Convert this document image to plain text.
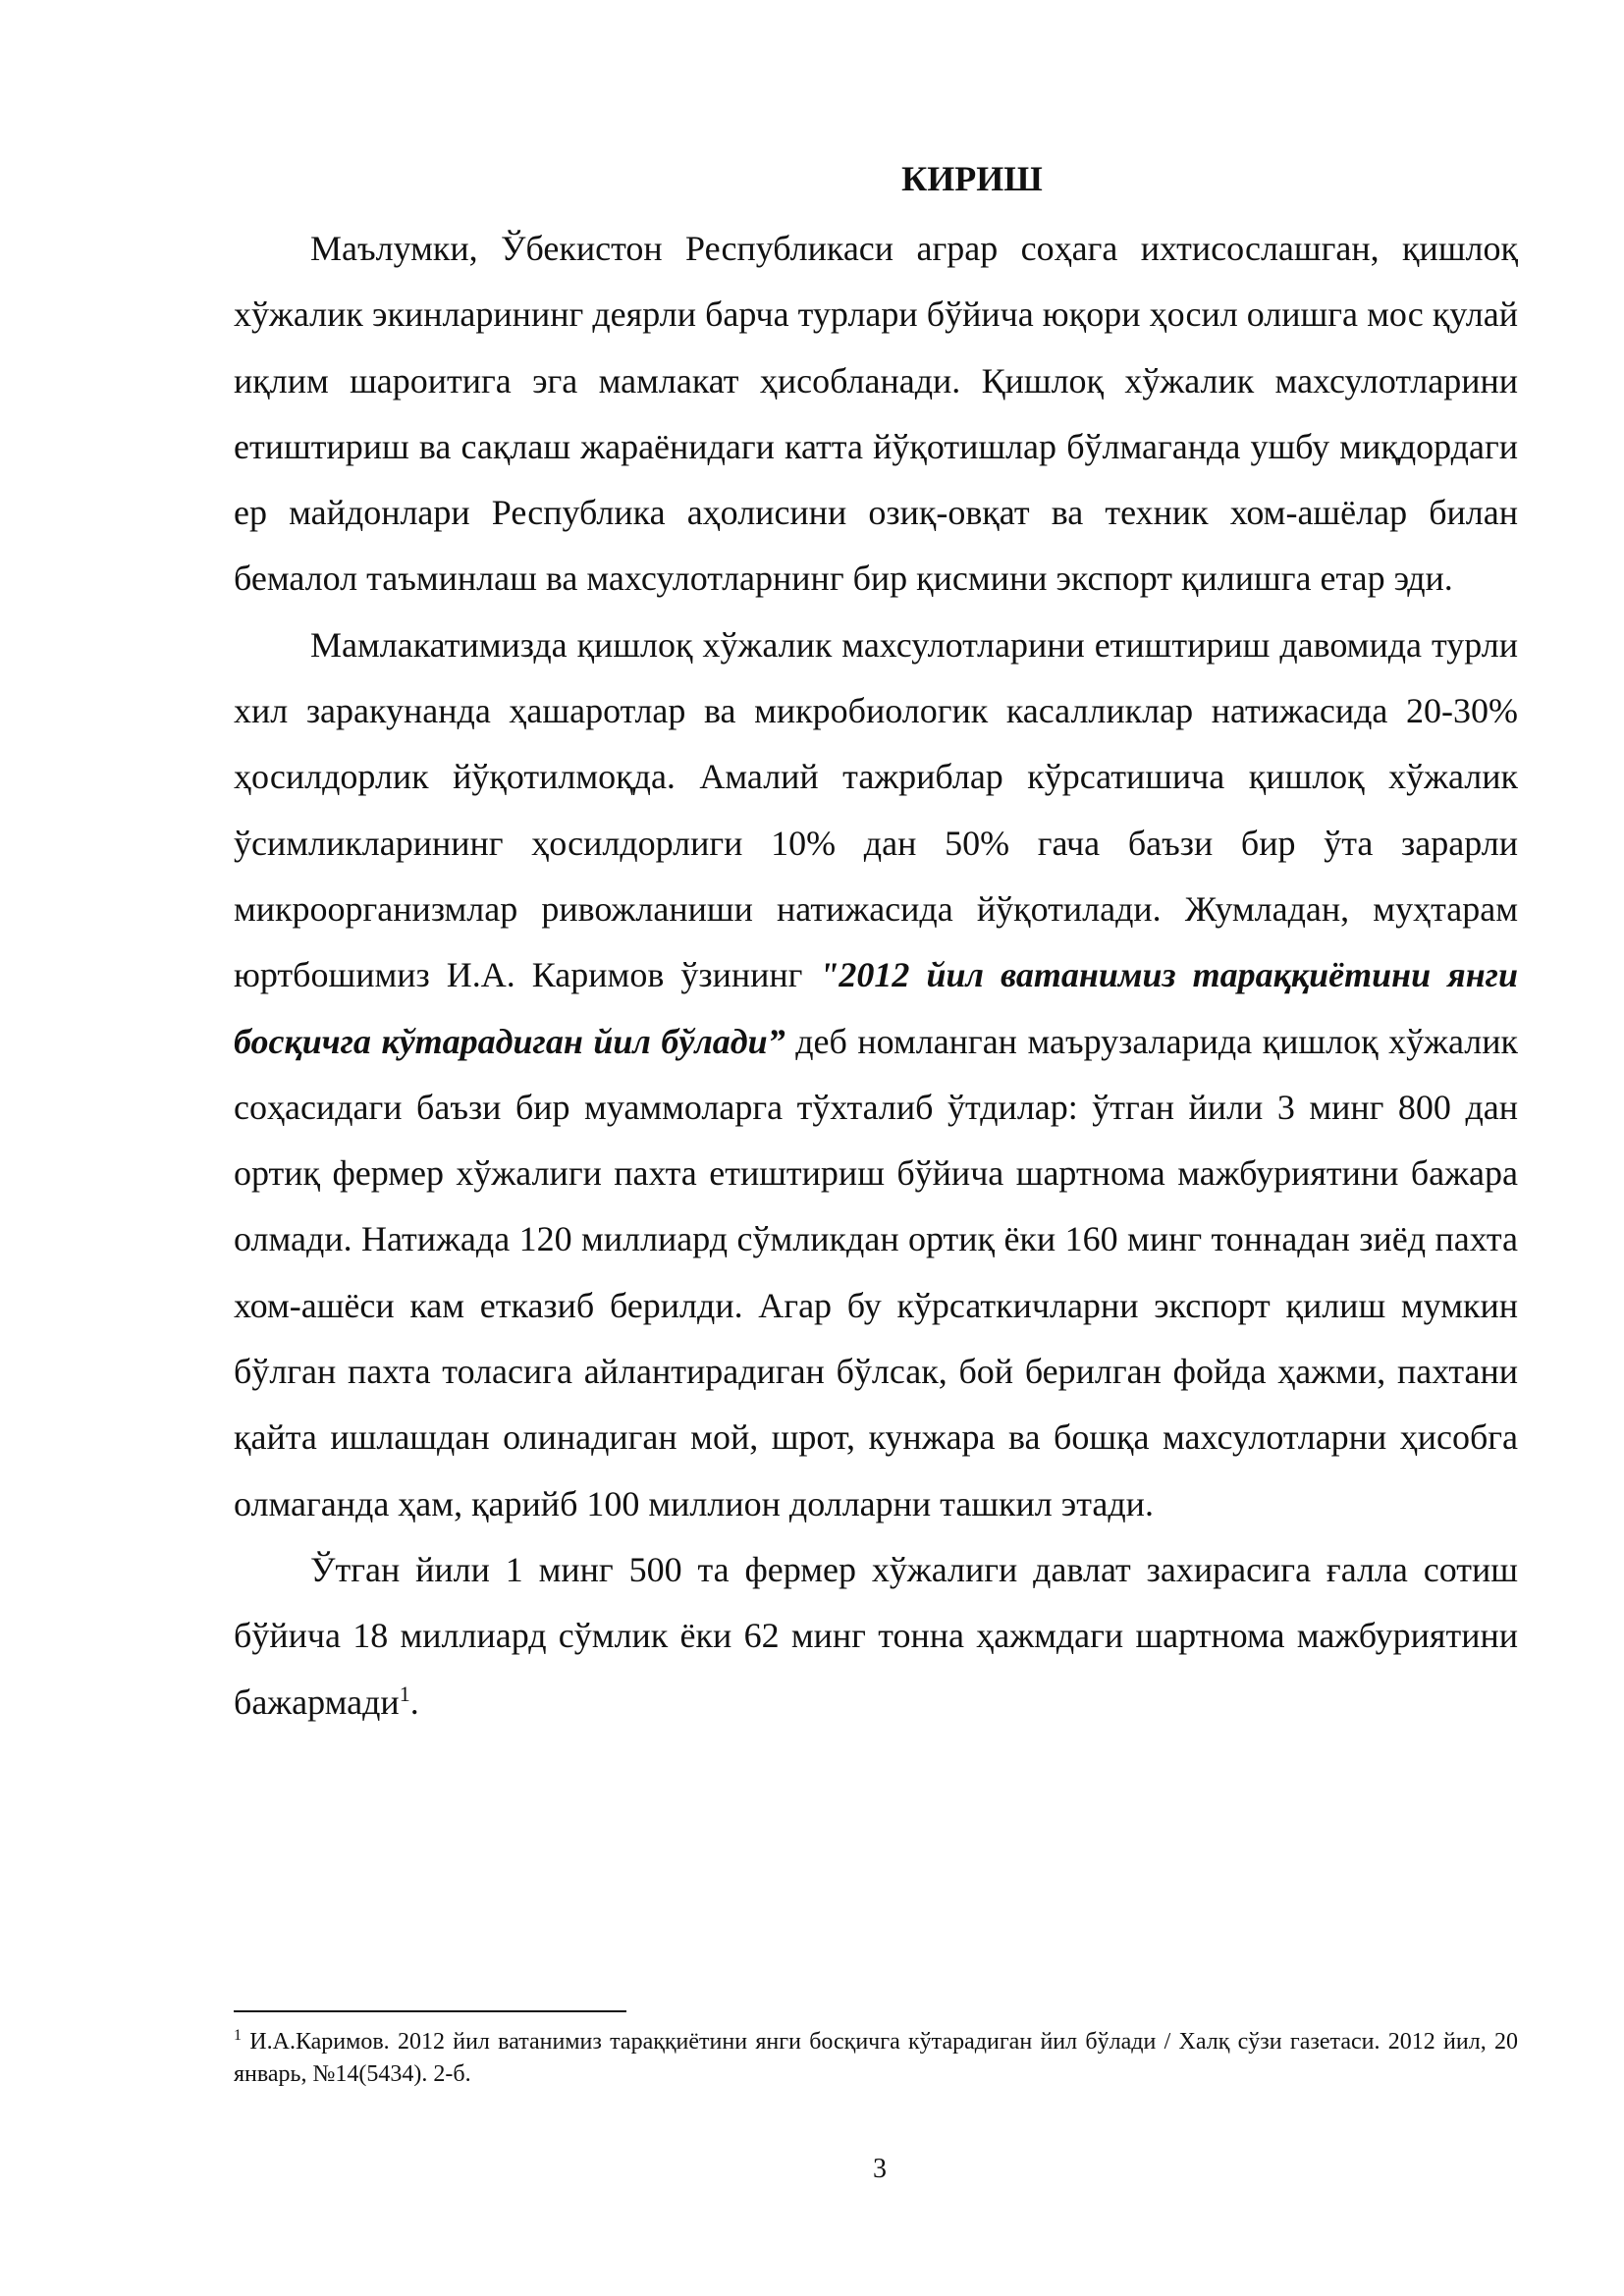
КИРИШ

Маълумки, Ўбекистон Республикаси аграр соҳага ихтисослашган, қишлоқ хўжалик экинларининг деярли барча турлари бўйича юқори ҳосил олишга мос қулай иқлим шароитига эга мамлакат ҳисобланади. Қишлоқ хўжалик махсулотларини етиштириш ва сақлаш жараёнидаги катта йўқотишлар бўлмаганда ушбу миқдордаги ер майдонлари Республика аҳолисини озиқ-овқат ва техник хом-ашёлар билан бемалол таъминлаш ва махсулотларнинг бир қисмини экспорт қилишга етар эди.

Мамлакатимизда қишлоқ хўжалик махсулотларини етиштириш давомида турли хил заракунанда ҳашаротлар ва микробиологик касалликлар натижасида 20-30% ҳосилдорлик йўқотилмоқда. Амалий тажриблар кўрсатишича қишлоқ хўжалик ўсимликларининг ҳосилдорлиги 10% дан 50% гача баъзи бир ўта зарарли микроорганизмлар ривожланиши натижасида йўқотилади. Жумладан, муҳтарам юртбошимиз И.А. Каримов ўзининг "2012 йил ватанимиз тараққиётини янги босқичга кўтарадиган йил бўлади” деб номланган маърузаларида қишлоқ хўжалик соҳасидаги баъзи бир муаммоларга тўхталиб ўтдилар: ўтган йили 3 минг 800 дан ортиқ фермер хўжалиги пахта етиштириш бўйича шартнома мажбуриятини бажара олмади. Натижада 120 миллиард сўмликдан ортиқ ёки 160 минг тоннадан зиёд пахта хом-ашёси кам етказиб берилди. Агар бу кўрсаткичларни экспорт қилиш мумкин бўлган пахта толасига айлантирадиган бўлсак, бой берилган фойда ҳажми, пахтани қайта ишлашдан олинадиган мой, шрот, кунжара ва бошқа махсулотларни ҳисобга олмаганда ҳам, қарийб 100 миллион долларни ташкил этади.

Ўтган йили 1 минг 500 та фермер хўжалиги давлат захирасига ғалла сотиш бўйича 18 миллиард сўмлик ёки 62 минг тонна ҳажмдаги шартнома мажбуриятини бажармади$^1$.

$^1$ И.А.Каримов. 2012 йил ватанимиз тараққиётини янги босқичга кўтарадиган йил бўлади / Халқ сўзи газетаси. 2012 йил, 20 январь, №14(5434). 2-б.
3
